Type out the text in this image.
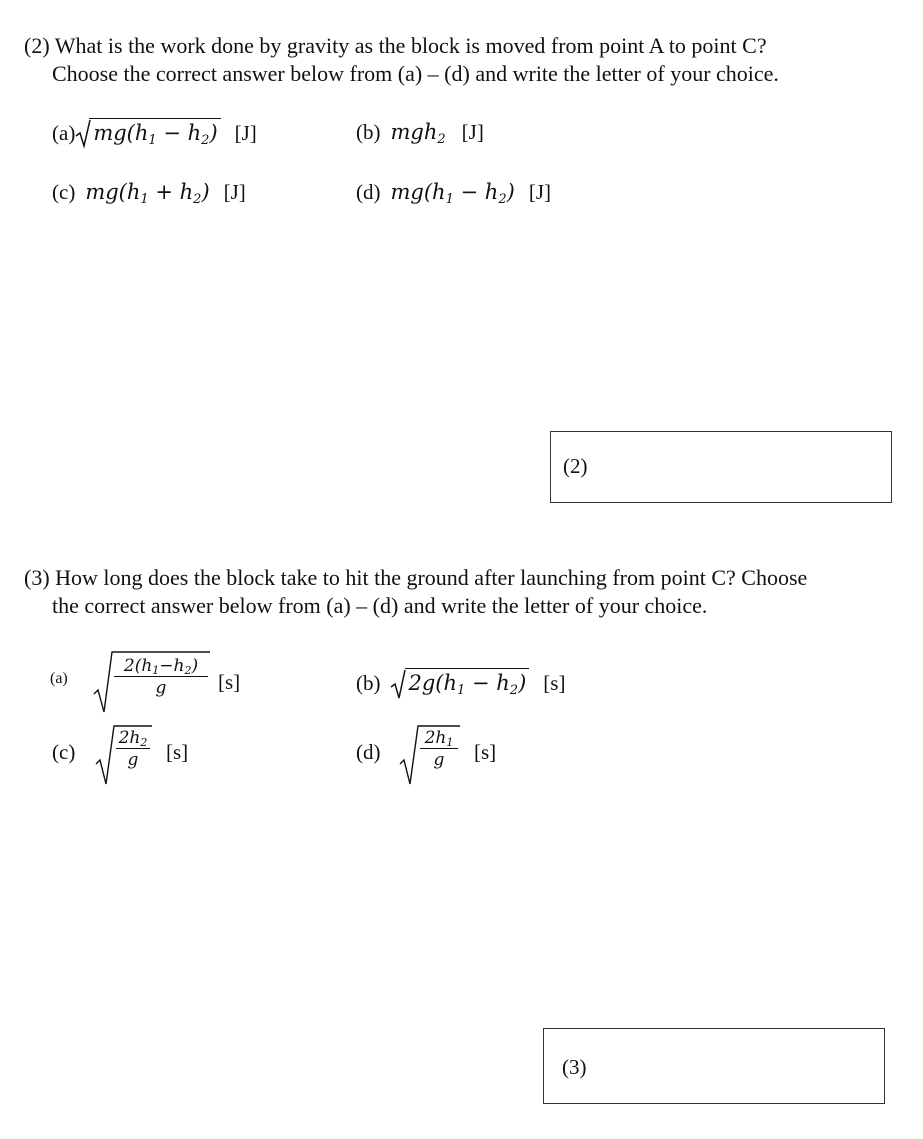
(2) What is the work done by gravity as the block is moved from point A to point C?
Choose the correct answer below from (a) – (d) and write the letter of your choice.
(a) $mg(h_1 - h_2)$ [J]	(b) mgh$_2$ [J]
(c) $mg(h_1 + h_2)$ [J]	(d) $mg(h_1 - h_2)$ [J]
(2)
(3) How long does the block take to hit the ground after launching from point C? Choose
the correct answer below from (a) – (d) and write the letter of your choice.
(a)	$\frac{2(h_1-h_2)}{g} [s]$	(b) $2g(h_1 - h_2)$ [s]
$(c) \frac{2h_2}{g} [s]$	$(d) \frac{2h_1}{g} [s]$
(3)
